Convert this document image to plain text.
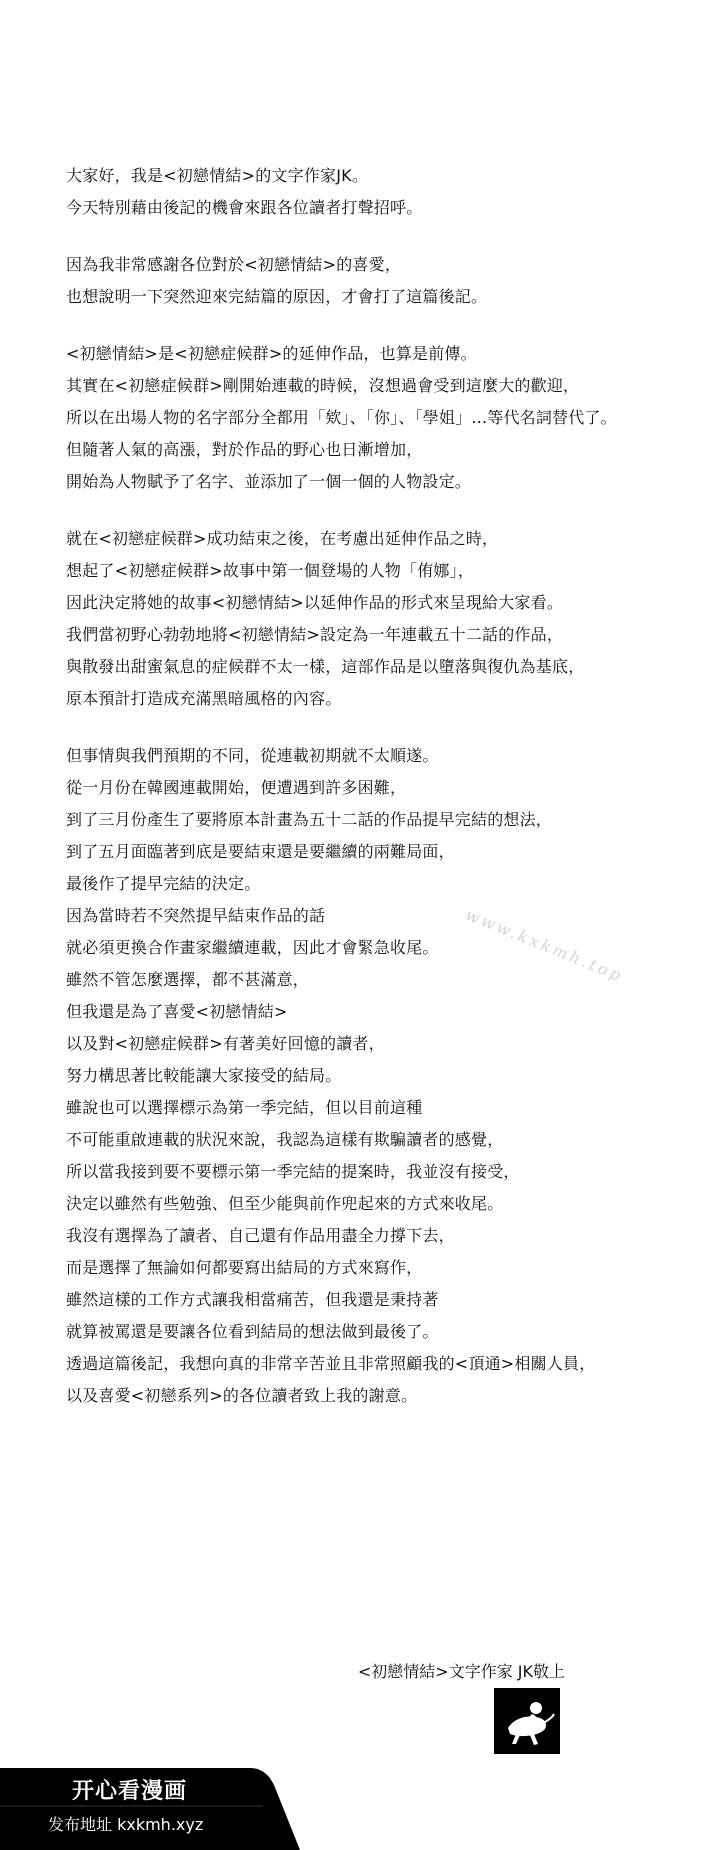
大家好，我是<初戀情結>的文字作家JK。
今天特別藉由後記的機會來跟各位讀者打聲招呼。
因為我非常感謝各位對於<初戀情結>的喜愛，
也想說明一下突然迎來完結篇的原因，才會打了這篇後記。
<初戀情結>是<初戀症候群>的延伸作品，也算是前傳。
其實在<初戀症候群>剛開始連載的時候，沒想過會受到這麼大的歡迎，
所以在出場人物的名字部分全都用「欸」、「你」、「學姐」...等代名詞替代了。
但隨著人氣的高漲，對於作品的野心也日漸增加，
開始為人物賦予了名字、並添加了一個一個的人物設定。
就在<初戀症候群>成功結束之後，在考慮出延伸作品之時，
想起了<初戀症候群>故事中第一個登場的人物「侑娜」，
因此決定將她的故事<初戀情結>以延伸作品的形式來呈現給大家看。
我們當初野心勃勃地將<初戀情結>設定為一年連載五十二話的作品，
與散發出甜蜜氣息的症候群不太一樣，這部作品是以墮落與復仇為基底，
原本預計打造成充滿黑暗風格的內容。
但事情與我們預期的不同，從連載初期就不太順遂。
從一月份在韓國連載開始，便遭遇到許多困難，
到了三月份產生了要將原本計畫為五十二話的作品提早完結的想法，
到了五月面臨著到底是要結束還是要繼續的兩難局面，
最後作了提早完結的決定。
因為當時若不突然提早結束作品的話
就必須更換合作畫家繼續連載，因此才會緊急收尾。
雖然不管怎麼選擇，都不甚滿意，
但我還是為了喜愛<初戀情結>
以及對<初戀症候群>有著美好回憶的讀者，
努力構思著比較能讓大家接受的結局。
雖說也可以選擇標示為第一季完結，但以目前這種
不可能重啟連載的狀況來說，我認為這樣有欺騙讀者的感覺，
所以當我接到要不要標示第一季完結的提案時，我並沒有接受，
決定以雖然有些勉強、但至少能與前作兜起來的方式來收尾。
我沒有選擇為了讀者、自己還有作品用盡全力撐下去，
而是選擇了無論如何都要寫出結局的方式來寫作，
雖然這樣的工作方式讓我相當痛苦，但我還是秉持著
就算被罵還是要讓各位看到結局的想法做到最後了。
透過這篇後記，我想向真的非常辛苦並且非常照顧我的<頂通>相關人員，
以及喜愛<初戀系列>的各位讀者致上我的謝意。
www.kxkmh.top
<初戀情結>文字作家 JK敬上
开心看漫画
发布地址 kxkmh.xyz
